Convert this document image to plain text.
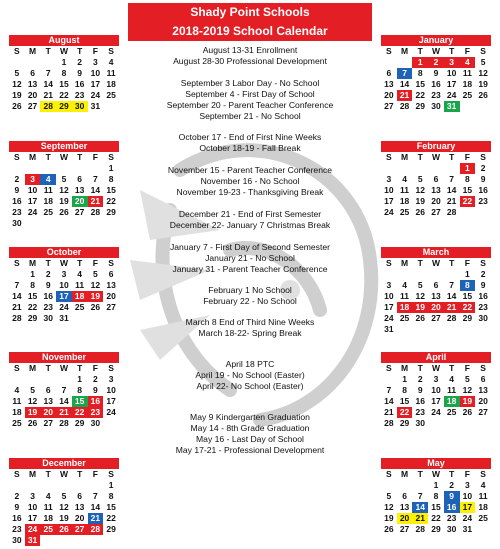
Shady Point Schools
2018-2019 School Calendar
August
S	M	T	W	T	F	S
			1	2	3	4
5	6	7	8	9	10	11
12	13	14	15	16	17	18
19	20	21	22	23	24	25
26	27	28	29	30	31	
September
S	M	T	W	T	F	S
						1
2	3	4	5	6	7	8
9	10	11	12	13	14	15
16	17	18	19	20	21	22
23	24	25	26	27	28	29
30						
October
S	M	T	W	T	F	S
	1	2	3	4	5	6
7	8	9	10	11	12	13
14	15	16	17	18	19	20
21	22	23	24	25	26	27
28	29	30	31			
November
S	M	T	W	T	F	S
				1	2	3
4	5	6	7	8	9	10
11	12	13	14	15	16	17
18	19	20	21	22	23	24
25	26	27	28	29	30	
December
S	M	T	W	T	F	S
						1
2	3	4	5	6	7	8
9	10	11	12	13	14	15
16	17	18	19	20	21	22
23	24	25	26	27	28	29
30	31					
January
S	M	T	W	T	F	S
		1	2	3	4	5
6	7	8	9	10	11	12
13	14	15	16	17	18	19
20	21	22	23	24	25	26
27	28	29	30	31		
February
S	M	T	W	T	F	S
					1	2
3	4	5	6	7	8	9
10	11	12	13	14	15	16
17	18	19	20	21	22	23
24	25	26	27	28		
March
S	M	T	W	T	F	S
					1	2
3	4	5	6	7	8	9
10	11	12	13	14	15	16
17	18	19	20	21	22	23
24	25	26	27	28	29	30
31						
April
S	M	T	W	T	F	S
	1	2	3	4	5	6
7	8	9	10	11	12	13
14	15	16	17	18	19	20
21	22	23	24	25	26	27
28	29	30				
May
S	M	T	W	T	F	S
			1	2	3	4
5	6	7	8	9	10	11
12	13	14	15	16	17	18
19	20	21	22	23	24	25
26	27	28	29	30	31	
August 13-31 Enrollment
August 28-30 Professional Development
September 3 Labor Day - No School
September 4 - First Day of School
September 20 - Parent Teacher Conference
September 21 - No School
October 17 - End of First Nine Weeks
October 18-19 - Fall Break
November 15 - Parent Teacher Conference
November 16 - No School
November 19-23 - Thanksgiving Break
December 21 - End of First Semester
December 22- January 7 Christmas Break
January 7 - First Day of Second Semester
January 21 - No School
January 31 - Parent Teacher Conference
February 1 No School
February 22 - No School
March 8 End of Third Nine Weeks
March 18-22- Spring Break
April 18 PTC
April 19 - No School (Easter)
April 22- No School (Easter)
May 9 Kindergarten Graduation
May 14 - 8th Grade Graduation
May 16 - Last Day of School
May 17-21 - Professional Development
